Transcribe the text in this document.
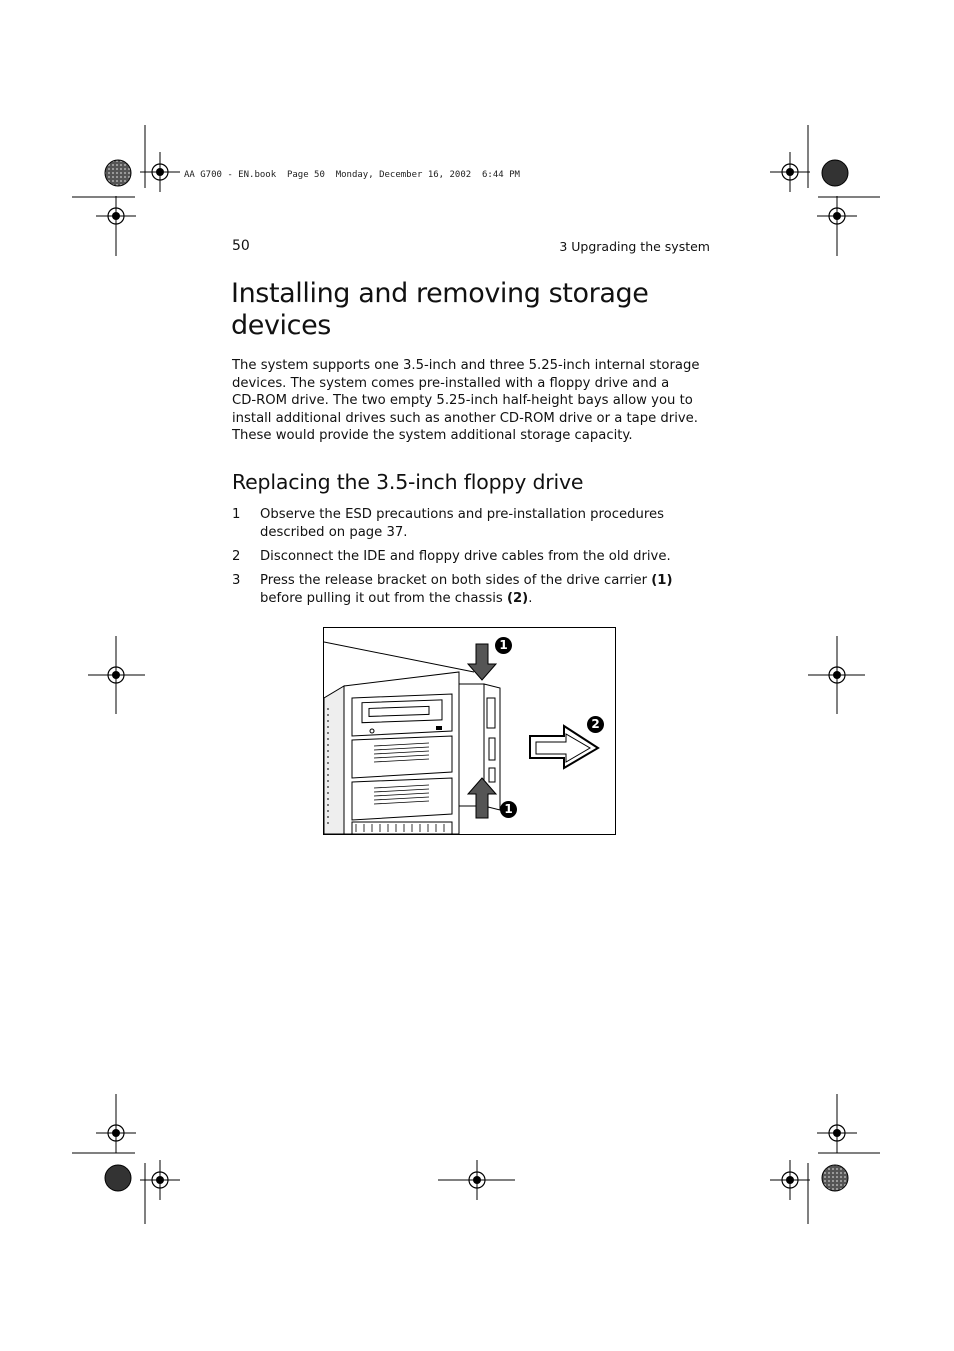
AA G700 - EN.book  Page 50  Monday, December 16, 2002  6:44 PM
50	3 Upgrading the system
Installing and removing storage devices
The system supports one 3.5-inch and three 5.25-inch internal storage
devices. The system comes pre-installed with a floppy drive and a
CD-ROM drive. The two empty 5.25-inch half-height bays allow you to
install additional drives such as another CD-ROM drive or a tape drive.
These would provide the system additional storage capacity.
Replacing the 3.5-inch floppy drive
1 Observe the ESD precautions and pre-installation procedures described on page 37.
2 Disconnect the IDE and floppy drive cables from the old drive.
3 Press the release bracket on both sides of the drive carrier (1) before pulling it out from the chassis (2).
1
2
1
